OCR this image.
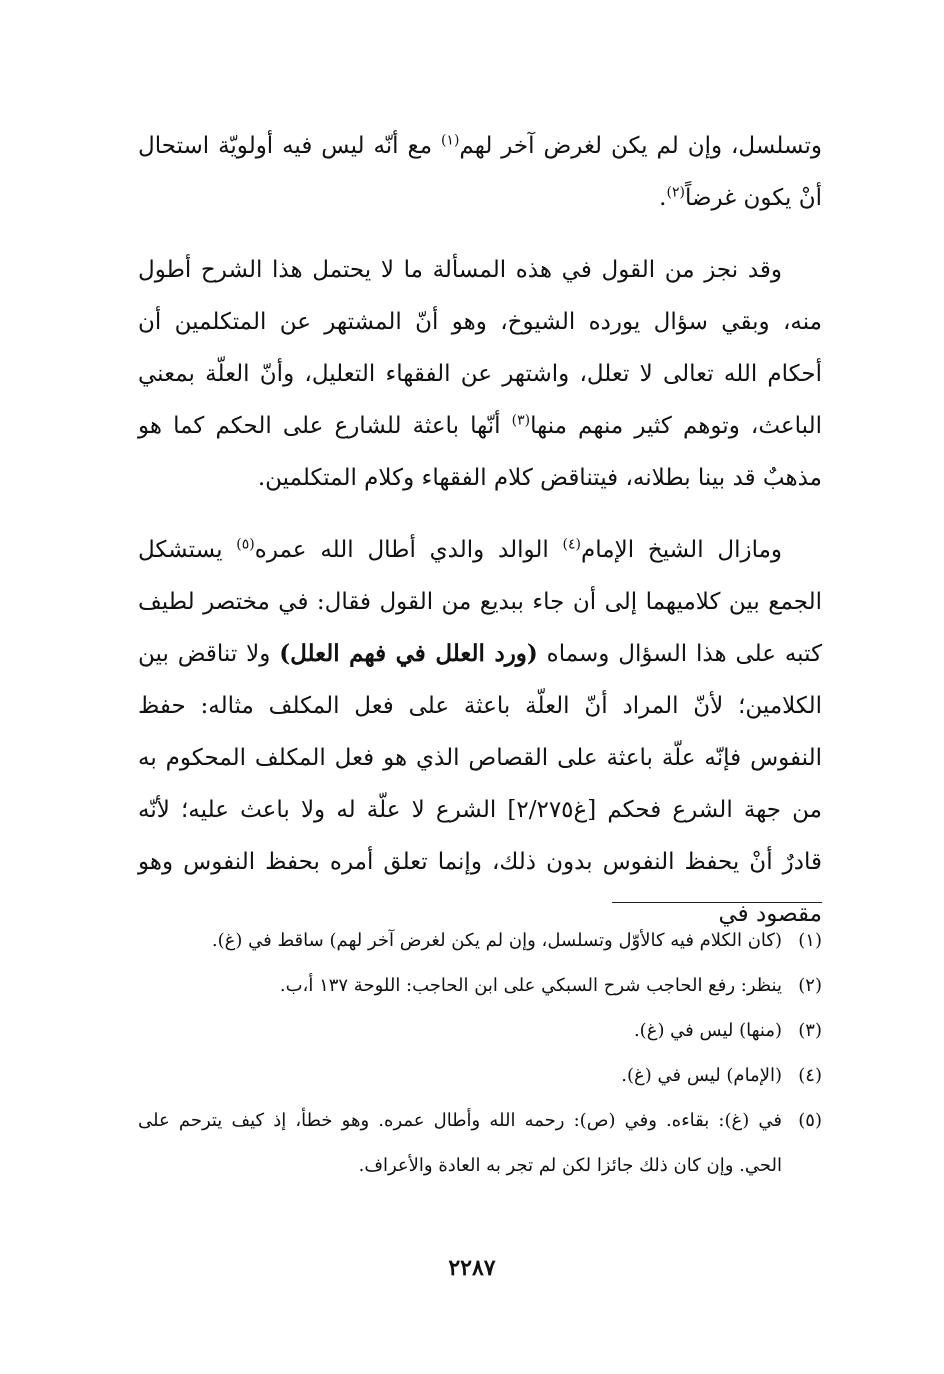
وتسلسل، وإن لم يكن لغرض آخر لهم$^{(١)}$ مع أنّه ليس فيه أولويّة استحال أنْ يكون غرضاً$^{(٢)}$.

وقد نجز من القول في هذه المسألة ما لا يحتمل هذا الشرح أطول منه، وبقي سؤال يورده الشيوخ، وهو أنّ المشتهر عن المتكلمين أن أحكام الله تعالى لا تعلل، واشتهر عن الفقهاء التعليل، وأنّ العلّة بمعني الباعث، وتوهم كثير منهم منها$^{(٣)}$ أنّها باعثة للشارع على الحكم كما هو مذهبٌ قد بينا بطلانه، فيتناقض كلام الفقهاء وكلام المتكلمين.

ومازال الشيخ الإمام$^{(٤)}$ الوالد والدي أطال الله عمره$^{(٥)}$ يستشكل الجمع بين كلاميهما إلى أن جاء ببديع من القول فقال: في مختصر لطيف كتبه على هذا السؤال وسماه (ورد العلل في فهم العلل) ولا تناقض بين الكلامين؛ لأنّ المراد أنّ العلّة باعثة على فعل المكلف مثاله: حفظ النفوس فإنّه علّة باعثة على القصاص الذي هو فعل المكلف المحكوم به من جهة الشرع فحكم [غ٢/٢٧٥] الشرع لا علّة له ولا باعث عليه؛ لأنّه قادرٌ أنْ يحفظ النفوس بدون ذلك، وإنما تعلق أمره بحفظ النفوس وهو مقصود في

(١)(كان الكلام فيه كالأوّل وتسلسل، وإن لم يكن لغرض آخر لهم) ساقط في (غ).

(٢)ينظر: رفع الحاجب شرح السبكي على ابن الحاجب: اللوحة ١٣٧ أ،ب.

(٣)(منها) ليس في (غ).

(٤)(الإمام) ليس في (غ).

(٥)في (غ): بقاءه. وفي (ص): رحمه الله وأطال عمره. وهو خطأ، إذ كيف يترحم على الحي. وإن كان ذلك جائزا لكن لم تجر به العادة والأعراف.

٢٢٨٧
